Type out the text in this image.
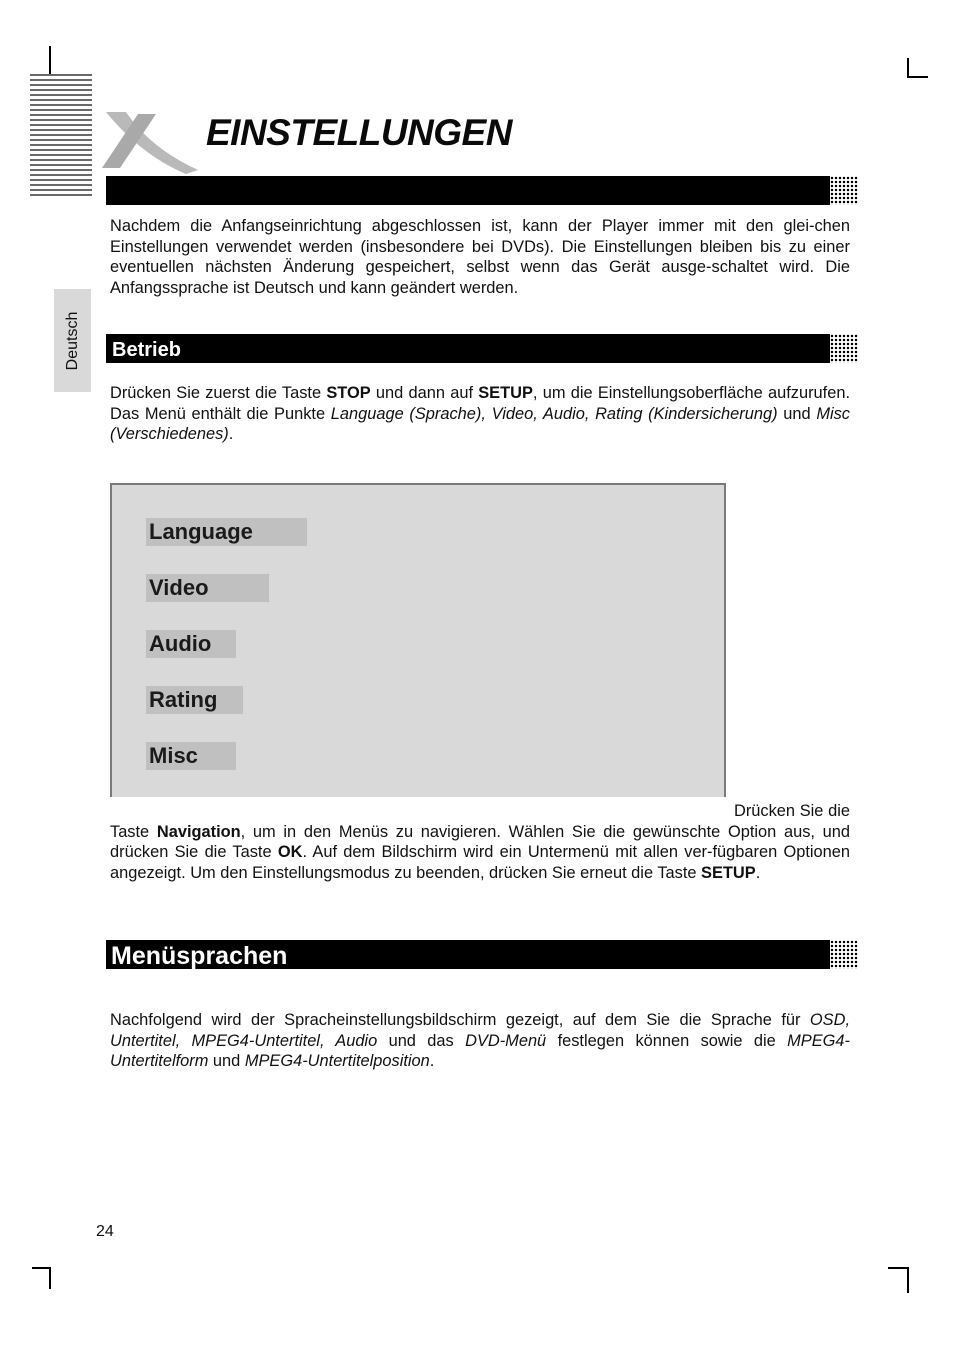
EINSTELLUNGEN
Deutsch

Nachdem die Anfangseinrichtung abgeschlossen ist, kann der Player immer mit den glei-chen Einstellungen verwendet werden (insbesondere bei DVDs). Die Einstellungen bleiben bis zu einer eventuellen nächsten Änderung gespeichert, selbst wenn das Gerät ausge-schaltet wird. Die Anfangssprache ist Deutsch und kann geändert werden.

Betrieb

Drücken Sie zuerst die Taste STOP und dann auf SETUP, um die Einstellungsoberfläche aufzurufen. Das Menü enthält die Punkte Language (Sprache), Video, Audio, Rating (Kindersicherung) und Misc (Verschiedenes).

Language
Video
Audio
Rating
Misc

Drücken Sie die Taste Navigation, um in den Menüs zu navigieren. Wählen Sie die gewünschte Option aus, und drücken Sie die Taste OK. Auf dem Bildschirm wird ein Untermenü mit allen ver-fügbaren Optionen angezeigt. Um den Einstellungsmodus zu beenden, drücken Sie erneut die Taste SETUP.

Menüsprachen

Nachfolgend wird der Spracheinstellungsbildschirm gezeigt, auf dem Sie die Sprache für OSD, Untertitel, MPEG4-Untertitel, Audio und das DVD-Menü festlegen können sowie die MPEG4-Untertitelform und MPEG4-Untertitelposition.

24
